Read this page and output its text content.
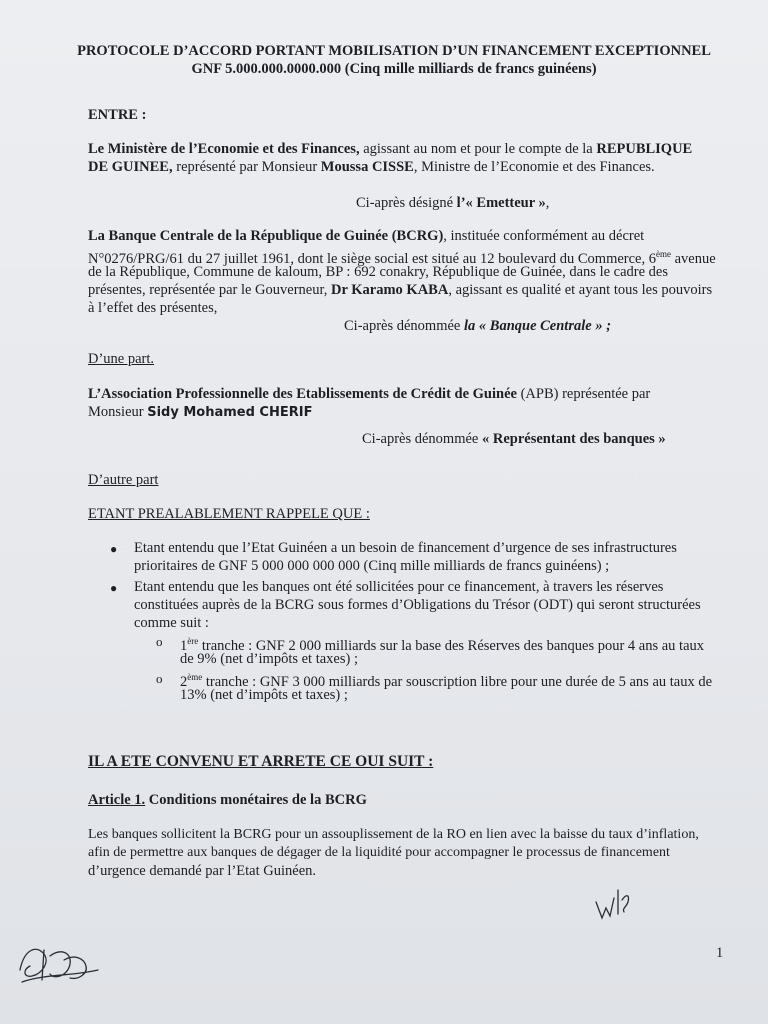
PROTOCOLE D’ACCORD PORTANT MOBILISATION D’UN FINANCEMENT EXCEPTIONNEL
GNF 5.000.000.0000.000 (Cinq mille milliards de francs guinéens)
ENTRE :
Le Ministère de l’Economie et des Finances, agissant au nom et pour le compte de la REPUBLIQUE
DE GUINEE, représenté par Monsieur Moussa CISSE, Ministre de l’Economie et des Finances.
Ci-après désigné l’« Emetteur »,
La Banque Centrale de la République de Guinée (BCRG), instituée conformément au décret
N°0276/PRG/61 du 27 juillet 1961, dont le siège social est situé au 12 boulevard du Commerce, 6ème avenue
de la République, Commune de kaloum, BP : 692 conakry, République de Guinée, dans le cadre des
présentes, représentée par le Gouverneur, Dr Karamo KABA, agissant es qualité et ayant tous les pouvoirs
à l’effet des présentes,
Ci-après dénommée la « Banque Centrale » ;
D’une part.
L’Association Professionnelle des Etablissements de Crédit de Guinée (APB) représentée par
Monsieur Sidy Mohamed CHERIF
Ci-après dénommée « Représentant des banques »
D’autre part
ETANT PREALABLEMENT RAPPELE QUE :
● Etant entendu que l’Etat Guinéen a un besoin de financement d’urgence de ses infrastructures
prioritaires de GNF 5 000 000 000 000 (Cinq mille milliards de francs guinéens) ;
● Etant entendu que les banques ont été sollicitées pour ce financement, à travers les réserves
constituées auprès de la BCRG sous formes d’Obligations du Trésor (ODT) qui seront structurées
comme suit :
o 1ère tranche : GNF 2 000 milliards sur la base des Réserves des banques pour 4 ans au taux
de 9% (net d’impôts et taxes) ;
o 2ème tranche : GNF 3 000 milliards par souscription libre pour une durée de 5 ans au taux de
13% (net d’impôts et taxes) ;
IL A ETE CONVENU ET ARRETE CE OUI SUIT :
Article 1. Conditions monétaires de la BCRG
Les banques sollicitent la BCRG pour un assouplissement de la RO en lien avec la baisse du taux d’inflation,
afin de permettre aux banques de dégager de la liquidité pour accompagner le processus de financement
d’urgence demandé par l’Etat Guinéen.
1
